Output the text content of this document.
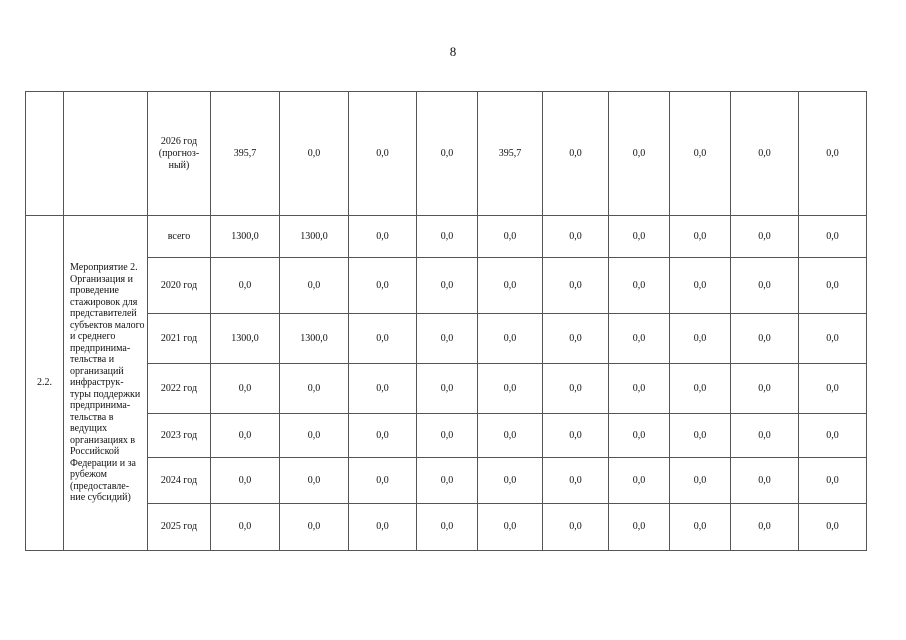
8
		2026 год (прогноз- ный)	395,7	0,0	0,0	0,0	395,7	0,0	0,0	0,0	0,0	0,0
2.2.	Мероприятие 2. Организация и проведение стажировок для представителей субъектов малого и среднего предпринима- тельства и организаций инфраструк- туры поддержки предпринима- тельства в ведущих организациях в Российской Федерации и за рубежом (предоставле- ние субсидий)	всего	1300,0	1300,0	0,0	0,0	0,0	0,0	0,0	0,0	0,0	0,0
		2020 год	0,0	0,0	0,0	0,0	0,0	0,0	0,0	0,0	0,0	0,0
		2021 год	1300,0	1300,0	0,0	0,0	0,0	0,0	0,0	0,0	0,0	0,0
		2022 год	0,0	0,0	0,0	0,0	0,0	0,0	0,0	0,0	0,0	0,0
		2023 год	0,0	0,0	0,0	0,0	0,0	0,0	0,0	0,0	0,0	0,0
		2024 год	0,0	0,0	0,0	0,0	0,0	0,0	0,0	0,0	0,0	0,0
		2025 год	0,0	0,0	0,0	0,0	0,0	0,0	0,0	0,0	0,0	0,0
